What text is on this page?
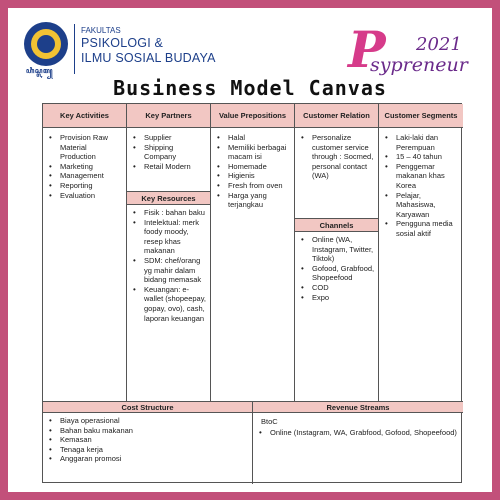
ꦲꦶꦱ꧀ꦭꦩ꧀
FAKULTAS
PSIKOLOGI &
ILMU SOSIAL BUDAYA	P 2021
sypreneur
Business Model Canvas
Key Activities
• Provision Raw Material Production
• Marketing
• Management
• Reporting
• Evaluation
Key Partners
• Supplier
• Shipping Company
• Retail Modern
Key Resources
• Fisik : bahan baku
• Intelektual: merk foody moody, resep khas makanan
• SDM: chef/orang yg mahir dalam bidang memasak
• Keuangan: e-wallet (shopeepay, gopay, ovo), cash, laporan keuangan
Value Prepositions
• Halal
• Memiliki berbagai macam isi
• Homemade
• Higienis
• Fresh from oven
• Harga yang terjangkau
Customer Relation
• Personalize customer service through : Socmed, personal contact (WA)
Channels
• Online (WA, Instagram, Twitter, Tiktok)
• Gofood, Grabfood, Shopeefood
• COD
• Expo
Customer Segments
• Laki-laki dan Perempuan
• 15 – 40 tahun
• Penggemar makanan khas Korea
• Pelajar, Mahasiswa, Karyawan
• Pengguna media sosial aktif
Cost Structure
• Biaya operasional
• Bahan baku makanan
• Kemasan
• Tenaga kerja
• Anggaran promosi
Revenue Streams
BtoC
• Online (Instagram, WA, Grabfood, Gofood, Shopeefood)
